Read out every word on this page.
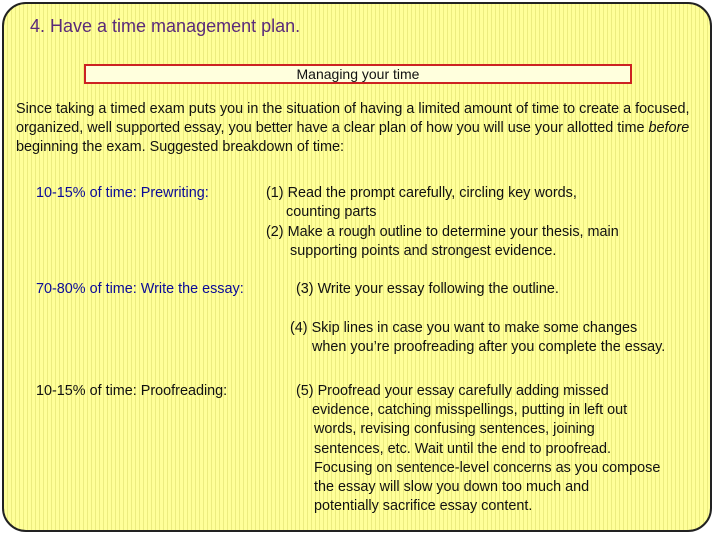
4. Have a time management plan.
Managing your time
Since taking a timed exam puts you in the situation of having a limited amount of time to create a focused, organized, well supported essay, you better have a clear plan of how you will use your allotted time before beginning the exam. Suggested breakdown of time:
10-15% of time: Prewriting:	(1) Read the prompt carefully, circling key words,
counting parts
(2) Make a rough outline to determine your thesis, main
supporting points and strongest evidence.
70-80% of time: Write the essay:	(3) Write your essay following the outline.
(4) Skip lines in case you want to make some changes
when you’re proofreading after you complete the essay.
10-15% of time: Proofreading:	(5) Proofread your essay carefully adding missed
evidence, catching misspellings, putting in left out
words, revising confusing sentences, joining
sentences, etc. Wait until the end to proofread.
Focusing on sentence-level concerns as you compose
the essay will slow you down too much and
potentially sacrifice essay content.
